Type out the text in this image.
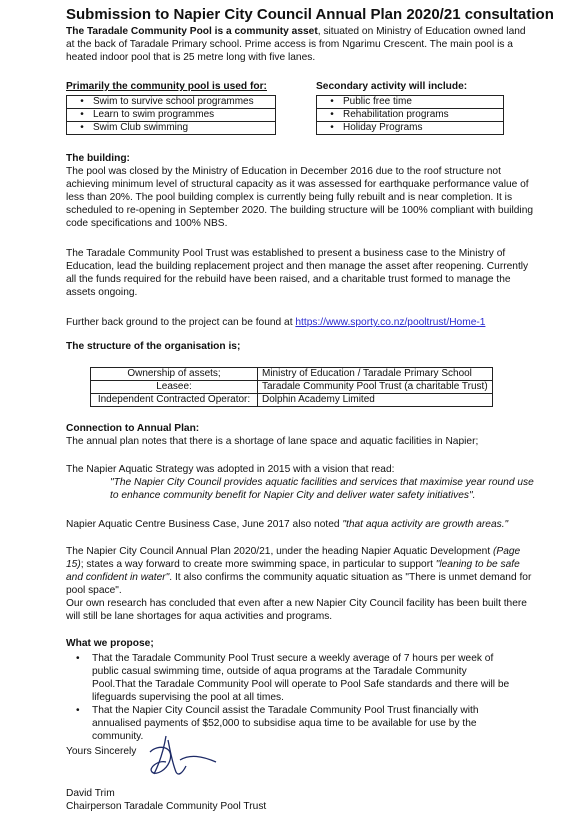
Submission to Napier City Council Annual Plan 2020/21 consultation
The Taradale Community Pool is a community asset, situated on Ministry of Education owned land at the back of Taradale Primary school. Prime access is from Ngarimu Crescent. The main pool is a heated indoor pool that is 25 metre long with five lanes.
Primarily the community pool is used for:
• Swim to survive school programmes
• Learn to swim programmes
• Swim Club swimming
Secondary activity will include:
• Public free time
• Rehabilitation programs
• Holiday Programs
The building:
The pool was closed by the Ministry of Education in December 2016 due to the roof structure not achieving minimum level of structural capacity as it was assessed for earthquake performance value of less than 20%. The pool building complex is currently being fully rebuilt and is near completion. It is scheduled to re-opening in September 2020. The building structure will be 100% compliant with building code specifications and 100% NBS.
The Taradale Community Pool Trust was established to present a business case to the Ministry of Education, lead the building replacement project and then manage the asset after reopening. Currently all the funds required for the rebuild have been raised, and a charitable trust formed to manage the assets ongoing.
Further back ground to the project can be found at https://www.sporty.co.nz/pooltrust/Home-1
The structure of the organisation is;
Ownership of assets;	Ministry of Education / Taradale Primary School
Leasee:	Taradale Community Pool Trust (a charitable Trust)
Independent Contracted Operator:	Dolphin Academy Limited
Connection to Annual Plan:
The annual plan notes that there is a shortage of lane space and aquatic facilities in Napier;
The Napier Aquatic Strategy was adopted in 2015 with a vision that read:
"The Napier City Council provides aquatic facilities and services that maximise year round use to enhance community benefit for Napier City and deliver water safety initiatives".
Napier Aquatic Centre Business Case, June 2017 also noted "that aqua activity are growth areas."
The Napier City Council Annual Plan 2020/21, under the heading Napier Aquatic Development (Page 15); states a way forward to create more swimming space, in particular to support "leaning to be safe and confident in water". It also confirms the community aquatic situation as "There is unmet demand for pool space".
Our own research has concluded that even after a new Napier City Council facility has been built there will still be lane shortages for aqua activities and programs.
What we propose;
• That the Taradale Community Pool Trust secure a weekly average of 7 hours per week of public casual swimming time, outside of aqua programs at the Taradale Community Pool.That the Taradale Community Pool will operate to Pool Safe standards and there will be lifeguards supervising the pool at all times.
• That the Napier City Council assist the Taradale Community Pool Trust financially with annualised payments of $52,000 to subsidise aqua time to be available for use by the community.
Yours Sincerely
David Trim
Chairperson Taradale Community Pool Trust
